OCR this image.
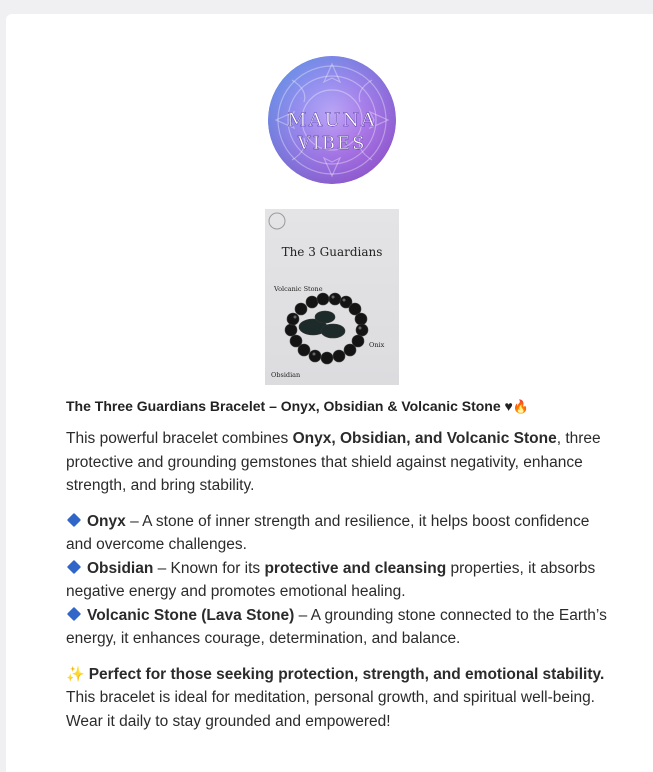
MAUNA
VIBES
The 3 Guardians
Volcanic Stone
Onix
Obsidian
The Three Guardians Bracelet – Onyx, Obsidian & Volcanic Stone ♥🔥

This powerful bracelet combines Onyx, Obsidian, and Volcanic Stone, three protective and grounding gemstones that shield against negativity, enhance strength, and bring stability.

Onyx – A stone of inner strength and resilience, it helps boost confidence and overcome challenges.
Obsidian – Known for its protective and cleansing properties, it absorbs negative energy and promotes emotional healing.
Volcanic Stone (Lava Stone) – A grounding stone connected to the Earth’s energy, it enhances courage, determination, and balance.

✨ Perfect for those seeking protection, strength, and emotional stability. This bracelet is ideal for meditation, personal growth, and spiritual well-being. Wear it daily to stay grounded and empowered!
